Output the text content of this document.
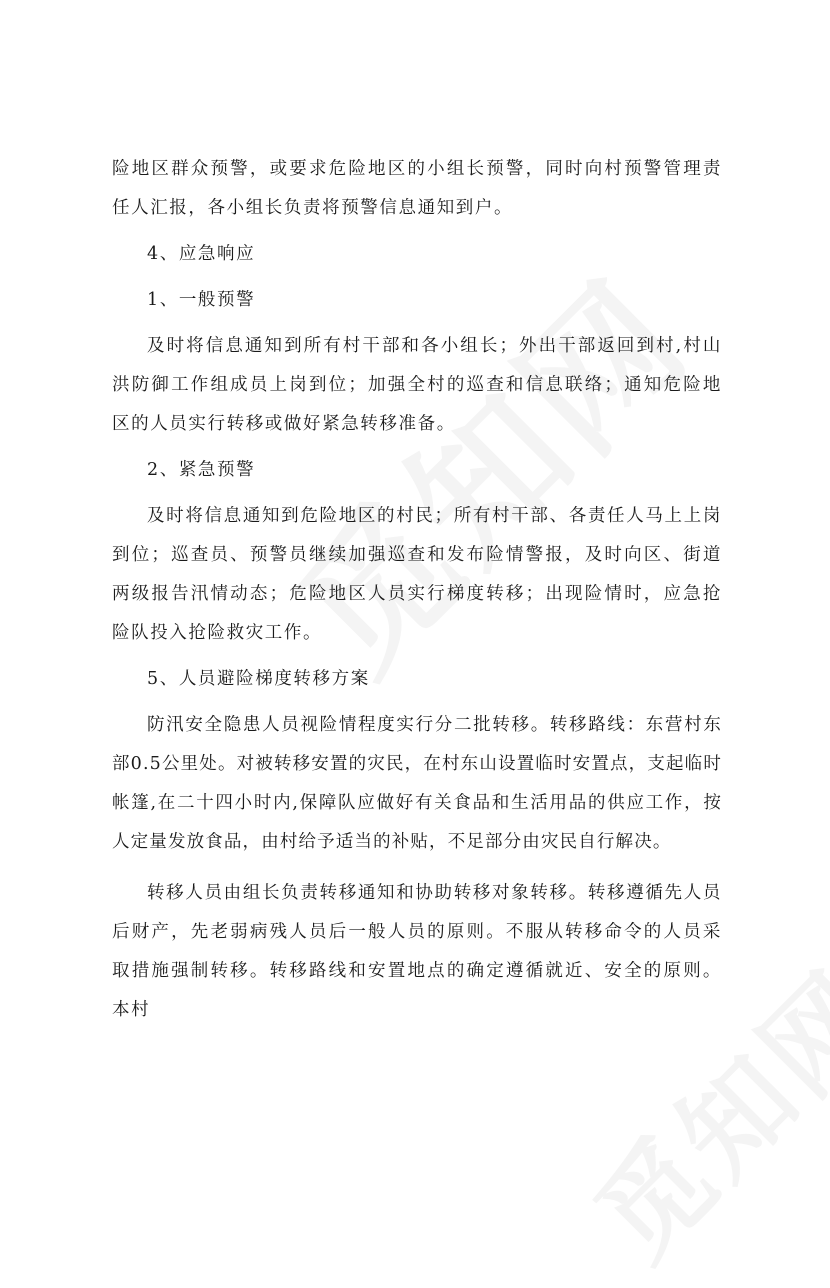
险地区群众预警，或要求危险地区的小组长预警，同时向村预警管理责任人汇报，各小组长负责将预警信息通知到户。

4、应急响应

1、一般预警

及时将信息通知到所有村干部和各小组长；外出干部返回到村,村山洪防御工作组成员上岗到位；加强全村的巡查和信息联络；通知危险地区的人员实行转移或做好紧急转移准备。

2、紧急预警

及时将信息通知到危险地区的村民；所有村干部、各责任人马上上岗到位；巡查员、预警员继续加强巡查和发布险情警报，及时向区、街道两级报告汛情动态；危险地区人员实行梯度转移；出现险情时，应急抢险队投入抢险救灾工作。

5、人员避险梯度转移方案

防汛安全隐患人员视险情程度实行分二批转移。转移路线：东营村东部0.5公里处。对被转移安置的灾民，在村东山设置临时安置点，支起临时帐篷,在二十四小时内,保障队应做好有关食品和生活用品的供应工作，按人定量发放食品，由村给予适当的补贴，不足部分由灾民自行解决。

转移人员由组长负责转移通知和协助转移对象转移。转移遵循先人员后财产，先老弱病残人员后一般人员的原则。不服从转移命令的人员采取措施强制转移。转移路线和安置地点的确定遵循就近、安全的原则。本村
